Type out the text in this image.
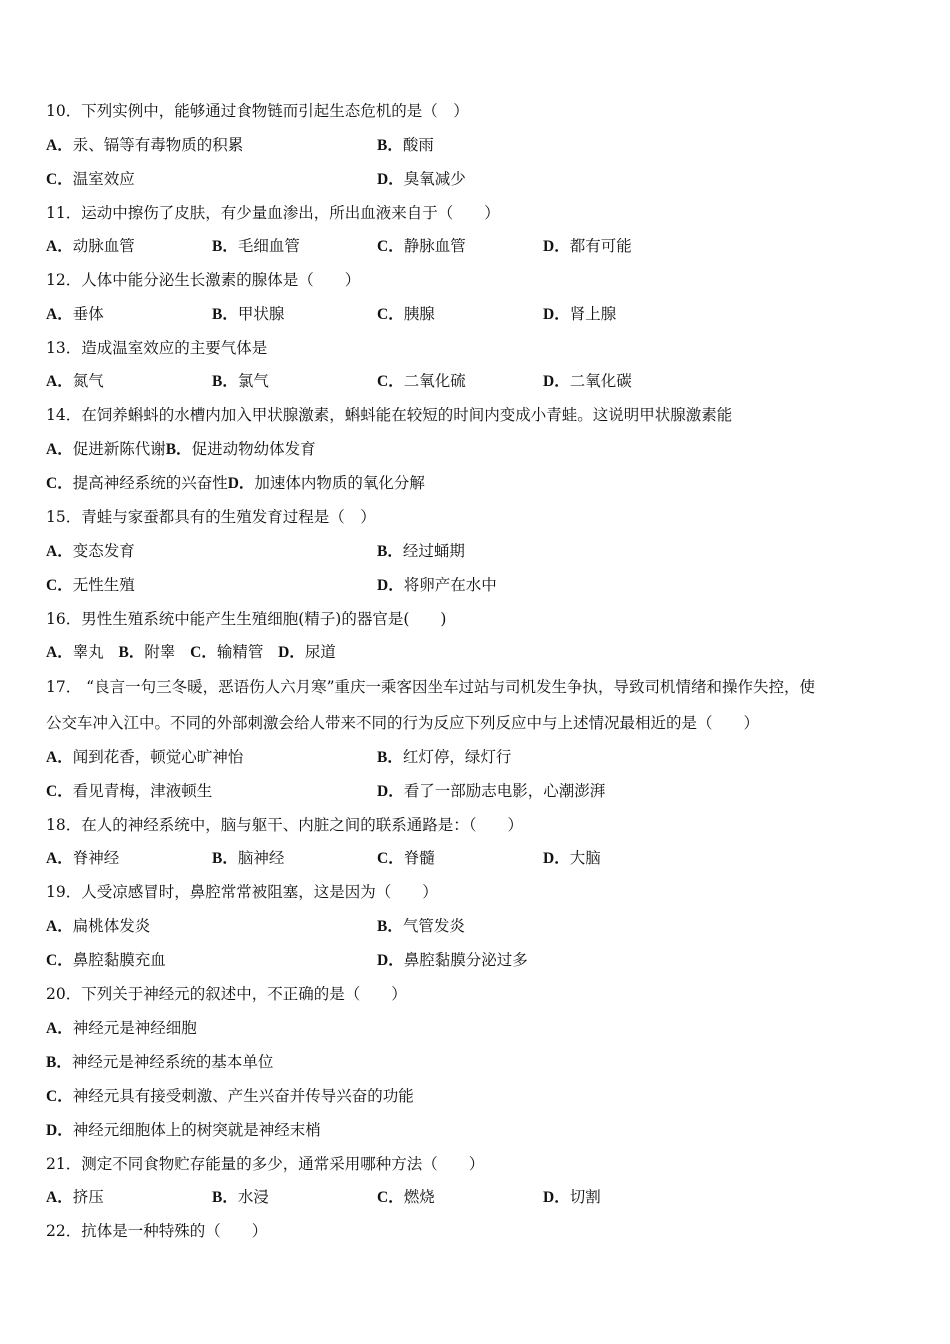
10．下列实例中，能够通过食物链而引起生态危机的是（　）
A．汞、镉等有毒物质的积累	B．酸雨
C．温室效应	D．臭氧减少
11．运动中擦伤了皮肤，有少量血渗出，所出血液来自于（　　）
A．动脉血管	B．毛细血管	C．静脉血管	D．都有可能
12．人体中能分泌生长激素的腺体是（　　）
A．垂体	B．甲状腺	C．胰腺	D．肾上腺
13．造成温室效应的主要气体是
A．氮气	B．氯气	C．二氧化硫	D．二氧化碳
14．在饲养蝌蚪的水槽内加入甲状腺激素，蝌蚪能在较短的时间内变成小青蛙。这说明甲状腺激素能
A．促进新陈代谢B．促进动物幼体发育
C．提高神经系统的兴奋性D．加速体内物质的氧化分解
15．青蛙与家蚕都具有的生殖发育过程是（　）
A．变态发育	B．经过蛹期
C．无性生殖	D．将卵产在水中
16．男性生殖系统中能产生生殖细胞(精子)的器官是(　　)
A．睾丸 B．附睾 C．输精管 D．尿道
17． “良言一句三冬暖，恶语伤人六月寒”重庆一乘客因坐车过站与司机发生争执，导致司机情绪和操作失控，使
公交车冲入江中。不同的外部刺激会给人带来不同的行为反应下列反应中与上述情况最相近的是（　　）
A．闻到花香，顿觉心旷神怡	B．红灯停，绿灯行
C．看见青梅，津液顿生	D．看了一部励志电影，心潮澎湃
18．在人的神经系统中，脑与躯干、内脏之间的联系通路是：（　　）
A．脊神经	B．脑神经	C．脊髓	D．大脑
19．人受凉感冒时，鼻腔常常被阻塞，这是因为（　　）
A．扁桃体发炎	B．气管发炎
C．鼻腔黏膜充血	D．鼻腔黏膜分泌过多
20．下列关于神经元的叙述中，不正确的是（　　）
A．神经元是神经细胞
B．神经元是神经系统的基本单位
C．神经元具有接受刺激、产生兴奋并传导兴奋的功能
D．神经元细胞体上的树突就是神经末梢
21．测定不同食物贮存能量的多少，通常采用哪种方法（　　）
A．挤压	B．水浸	C．燃烧	D．切割
22．抗体是一种特殊的（　　）
